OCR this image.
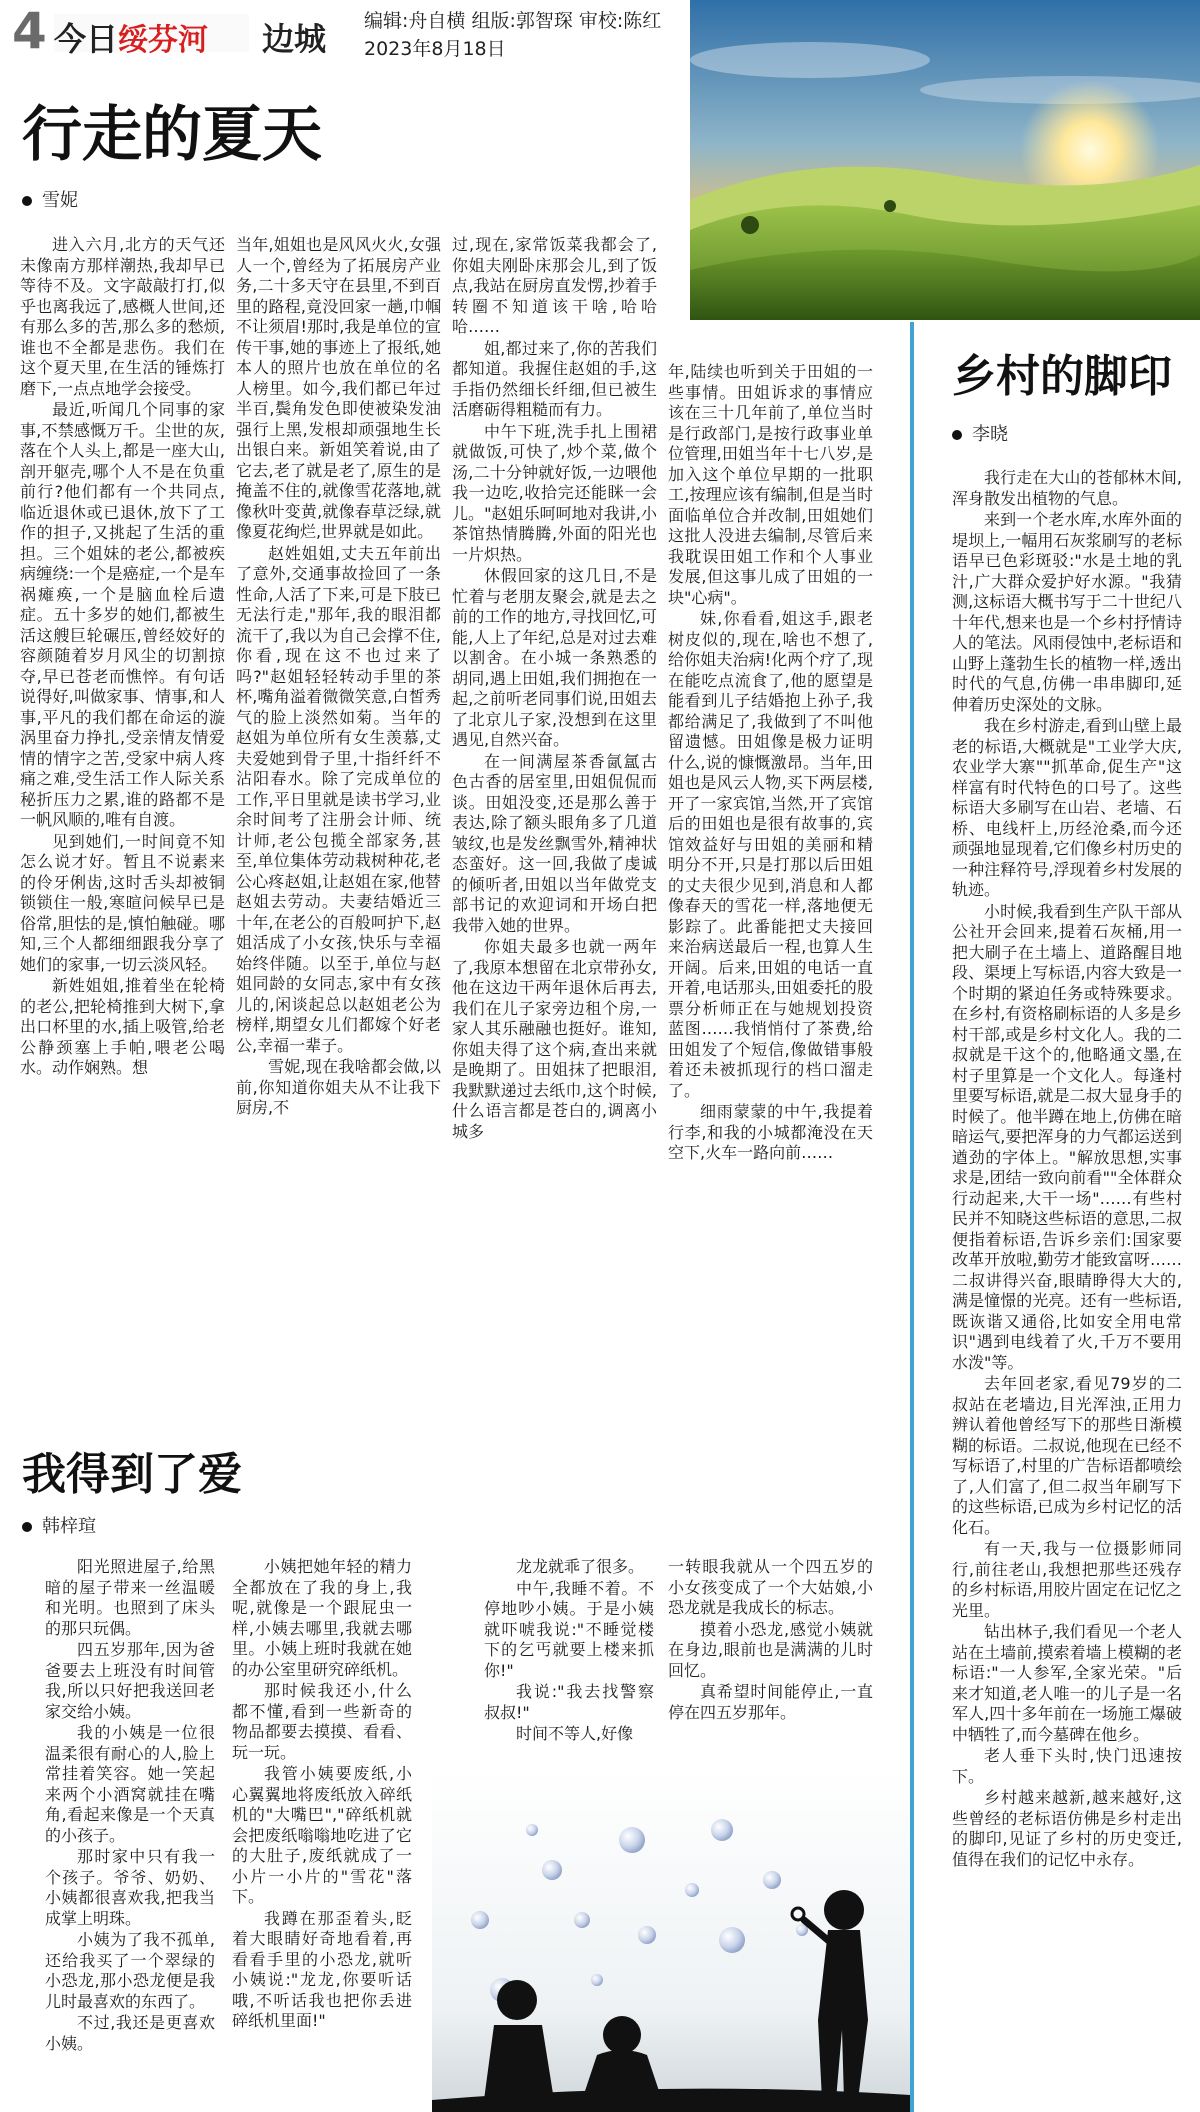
4 今日绥芬河	边城 编辑:舟自横 组版:郭智琛 审校:陈红
2023年8月18日
行走的夏天
雪妮

进入六月,北方的天气还未像南方那样潮热,我却早已等待不及。文字敲敲打打,似乎也离我远了,感概人世间,还有那么多的苦,那么多的愁烦,谁也不全都是悲伤。我们在这个夏天里,在生活的锤炼打磨下,一点点地学会接受。

最近,听闻几个同事的家事,不禁感慨万千。尘世的灰,落在个人头上,都是一座大山,剖开躯壳,哪个人不是在负重前行?他们都有一个共同点,临近退休或已退休,放下了工作的担子,又挑起了生活的重担。三个姐妹的老公,都被疾病缠绕:一个是癌症,一个是车祸瘫痪,一个是脑血栓后遗症。五十多岁的她们,都被生活这艘巨轮碾压,曾经姣好的容颜随着岁月风尘的切割掠夺,早已苍老而憔悴。有句话说得好,叫做家事、情事,和人事,平凡的我们都在命运的漩涡里奋力挣扎,受亲情友情爱情的情字之苦,受家中病人疼痛之难,受生活工作人际关系秘折压力之累,谁的路都不是一帆风顺的,唯有自渡。

见到她们,一时间竟不知怎么说才好。暂且不说素来的伶牙俐齿,这时舌头却被铜锁锁住一般,寒暄问候早已是俗常,胆怯的是,慎怕触碰。哪知,三个人都细细跟我分享了她们的家事,一切云淡风轻。

新姓姐姐,推着坐在轮椅的老公,把轮椅推到大树下,拿出口杯里的水,插上吸管,给老公静颈塞上手帕,喂老公喝水。动作娴熟。想

当年,姐姐也是风风火火,女强人一个,曾经为了拓展房产业务,二十多天守在县里,不到百里的路程,竟没回家一趟,巾帼不让须眉!那时,我是单位的宣传干事,她的事迹上了报纸,她本人的照片也放在单位的名人榜里。如今,我们都已年过半百,鬓角发色即使被染发油强行上黑,发根却顽强地生长出银白来。新姐笑着说,由了它去,老了就是老了,原生的是掩盖不住的,就像雪花落地,就像秋叶变黄,就像春草泛绿,就像夏花绚烂,世界就是如此。

赵姓姐姐,丈夫五年前出了意外,交通事故捡回了一条性命,人活了下来,可是下肢已无法行走,"那年,我的眼泪都流干了,我以为自己会撑不住,你看,现在这不也过来了吗?"赵姐轻轻转动手里的茶杯,嘴角溢着微微笑意,白皙秀气的脸上淡然如菊。当年的赵姐为单位所有女生羡慕,丈夫爱她到骨子里,十指纤纤不沾阳春水。除了完成单位的工作,平日里就是读书学习,业余时间考了注册会计师、统计师,老公包揽全部家务,甚至,单位集体劳动栽树种花,老公心疼赵姐,让赵姐在家,他替赵姐去劳动。夫妻结婚近三十年,在老公的百般呵护下,赵姐活成了小女孩,快乐与幸福始终伴随。以至于,单位与赵姐同龄的女同志,家中有女孩儿的,闲谈起总以赵姐老公为榜样,期望女儿们都嫁个好老公,幸福一辈子。

雪妮,现在我啥都会做,以前,你知道你姐夫从不让我下厨房,不

过,现在,家常饭菜我都会了,你姐夫刚卧床那会儿,到了饭点,我站在厨房直发愣,抄着手转圈不知道该干啥,哈哈哈……

姐,都过来了,你的苦我们都知道。我握住赵姐的手,这手指仍然细长纤细,但已被生活磨砺得粗糙而有力。

中午下班,洗手扎上围裙就做饭,可快了,炒个菜,做个汤,二十分钟就好饭,一边喂他我一边吃,收拾完还能眯一会儿。"赵姐乐呵呵地对我讲,小茶馆热情腾腾,外面的阳光也一片炽热。

休假回家的这几日,不是忙着与老朋友聚会,就是去之前的工作的地方,寻找回忆,可能,人上了年纪,总是对过去难以割舍。在小城一条熟悉的胡同,遇上田姐,我们拥抱在一起,之前听老同事们说,田姐去了北京儿子家,没想到在这里遇见,自然兴奋。

在一间满屋茶香氤氲古色古香的居室里,田姐侃侃而谈。田姐没变,还是那么善于表达,除了额头眼角多了几道皱纹,也是发丝飘雪外,精神状态蛮好。这一回,我做了虔诚的倾听者,田姐以当年做党支部书记的欢迎词和开场白把我带入她的世界。

你姐夫最多也就一两年了,我原本想留在北京带孙女,他在这边干两年退休后再去,我们在儿子家旁边租个房,一家人其乐融融也挺好。谁知,你姐夫得了这个病,查出来就是晚期了。田姐抹了把眼泪,我默默递过去纸巾,这个时候,什么语言都是苍白的,调离小城多

年,陆续也听到关于田姐的一些事情。田姐诉求的事情应该在三十几年前了,单位当时是行政部门,是按行政事业单位管理,田姐当年十七八岁,是加入这个单位早期的一批职工,按理应该有编制,但是当时面临单位合并改制,田姐她们这批人没进去编制,尽管后来我耽误田姐工作和个人事业发展,但这事儿成了田姐的一块"心病"。

妹,你看看,姐这手,跟老树皮似的,现在,啥也不想了,给你姐夫治病!化两个疗了,现在能吃点流食了,他的愿望是能看到儿子结婚抱上孙子,我都给满足了,我做到了不叫他留遗憾。田姐像是极力证明什么,说的慷慨激昂。当年,田姐也是风云人物,买下两层楼,开了一家宾馆,当然,开了宾馆后的田姐也是很有故事的,宾馆效益好与田姐的美丽和精明分不开,只是打那以后田姐的丈夫很少见到,消息和人都像春天的雪花一样,落地便无影踪了。此番能把丈夫接回来治病送最后一程,也算人生开阔。后来,田姐的电话一直开着,电话那头,田姐委托的股票分析师正在与她规划投资蓝图……我悄悄付了茶费,给田姐发了个短信,像做错事般着还未被抓现行的档口溜走了。

细雨蒙蒙的中午,我提着行李,和我的小城都淹没在天空下,火车一路向前……

乡村的脚印
李晓

我行走在大山的苍郁林木间,浑身散发出植物的气息。

来到一个老水库,水库外面的堤坝上,一幅用石灰浆刷写的老标语早已色彩斑驳:"水是土地的乳汁,广大群众爱护好水源。"我猜测,这标语大概书写于二十世纪八十年代,想来也是一个乡村抒情诗人的笔法。风雨侵蚀中,老标语和山野上蓬勃生长的植物一样,透出时代的气息,仿佛一串串脚印,延伸着历史深处的文脉。

我在乡村游走,看到山壁上最老的标语,大概就是"工业学大庆,农业学大寨""抓革命,促生产"这样富有时代特色的口号了。这些标语大多刷写在山岩、老墙、石桥、电线杆上,历经沧桑,而今还顽强地显现着,它们像乡村历史的一种注释符号,浮现着乡村发展的轨迹。

小时候,我看到生产队干部从公社开会回来,提着石灰桶,用一把大刷子在土墙上、道路醒目地段、渠埂上写标语,内容大致是一个时期的紧迫任务或特殊要求。在乡村,有资格刷标语的人多是乡村干部,或是乡村文化人。我的二叔就是干这个的,他略通文墨,在村子里算是一个文化人。每逢村里要写标语,就是二叔大显身手的时候了。他半蹲在地上,仿佛在暗暗运气,要把浑身的力气都运送到遒劲的字体上。"解放思想,实事求是,团结一致向前看""全体群众行动起来,大干一场"……有些村民并不知晓这些标语的意思,二叔便指着标语,告诉乡亲们:国家要改革开放啦,勤劳才能致富呀……二叔讲得兴奋,眼睛睁得大大的,满是憧憬的光亮。还有一些标语,既诙谐又通俗,比如安全用电常识"遇到电线着了火,千万不要用水泼"等。

去年回老家,看见79岁的二叔站在老墙边,目光浑浊,正用力辨认着他曾经写下的那些日渐模糊的标语。二叔说,他现在已经不写标语了,村里的广告标语都喷绘了,人们富了,但二叔当年刷写下的这些标语,已成为乡村记忆的活化石。

有一天,我与一位摄影师同行,前往老山,我想把那些还残存的乡村标语,用胶片固定在记忆之光里。

钻出林子,我们看见一个老人站在土墙前,摸索着墙上模糊的老标语:"一人参军,全家光荣。"后来才知道,老人唯一的儿子是一名军人,四十多年前在一场施工爆破中牺牲了,而今墓碑在他乡。

老人垂下头时,快门迅速按下。

乡村越来越新,越来越好,这些曾经的老标语仿佛是乡村走出的脚印,见证了乡村的历史变迁,值得在我们的记忆中永存。

我得到了爱
韩梓瑄

阳光照进屋子,给黑暗的屋子带来一丝温暖和光明。也照到了床头的那只玩偶。

四五岁那年,因为爸爸要去上班没有时间管我,所以只好把我送回老家交给小姨。

我的小姨是一位很温柔很有耐心的人,脸上常挂着笑容。她一笑起来两个小酒窝就挂在嘴角,看起来像是一个天真的小孩子。

那时家中只有我一个孩子。爷爷、奶奶、小姨都很喜欢我,把我当成掌上明珠。

小姨为了我不孤单,还给我买了一个翠绿的小恐龙,那小恐龙便是我儿时最喜欢的东西了。

不过,我还是更喜欢小姨。

小姨把她年轻的精力全都放在了我的身上,我呢,就像是一个跟屁虫一样,小姨去哪里,我就去哪里。小姨上班时我就在她的办公室里研究碎纸机。

那时候我还小,什么都不懂,看到一些新奇的物品都要去摸摸、看看、玩一玩。

我管小姨要废纸,小心翼翼地将废纸放入碎纸机的"大嘴巴","碎纸机就会把废纸嗡嗡地吃进了它的大肚子,废纸就成了一小片一小片的"雪花"落下。

我蹲在那歪着头,眨着大眼睛好奇地看着,再看看手里的小恐龙,就听小姨说:"龙龙,你要听话哦,不听话我也把你丢进碎纸机里面!"

龙龙就乖了很多。

中午,我睡不着。不停地吵小姨。于是小姨就吓唬我说:"不睡觉楼下的乞丐就要上楼来抓你!"

我说:"我去找警察叔叔!"

时间不等人,好像

一转眼我就从一个四五岁的小女孩变成了一个大姑娘,小恐龙就是我成长的标志。

摸着小恐龙,感觉小姨就在身边,眼前也是满满的儿时回忆。

真希望时间能停止,一直停在四五岁那年。
